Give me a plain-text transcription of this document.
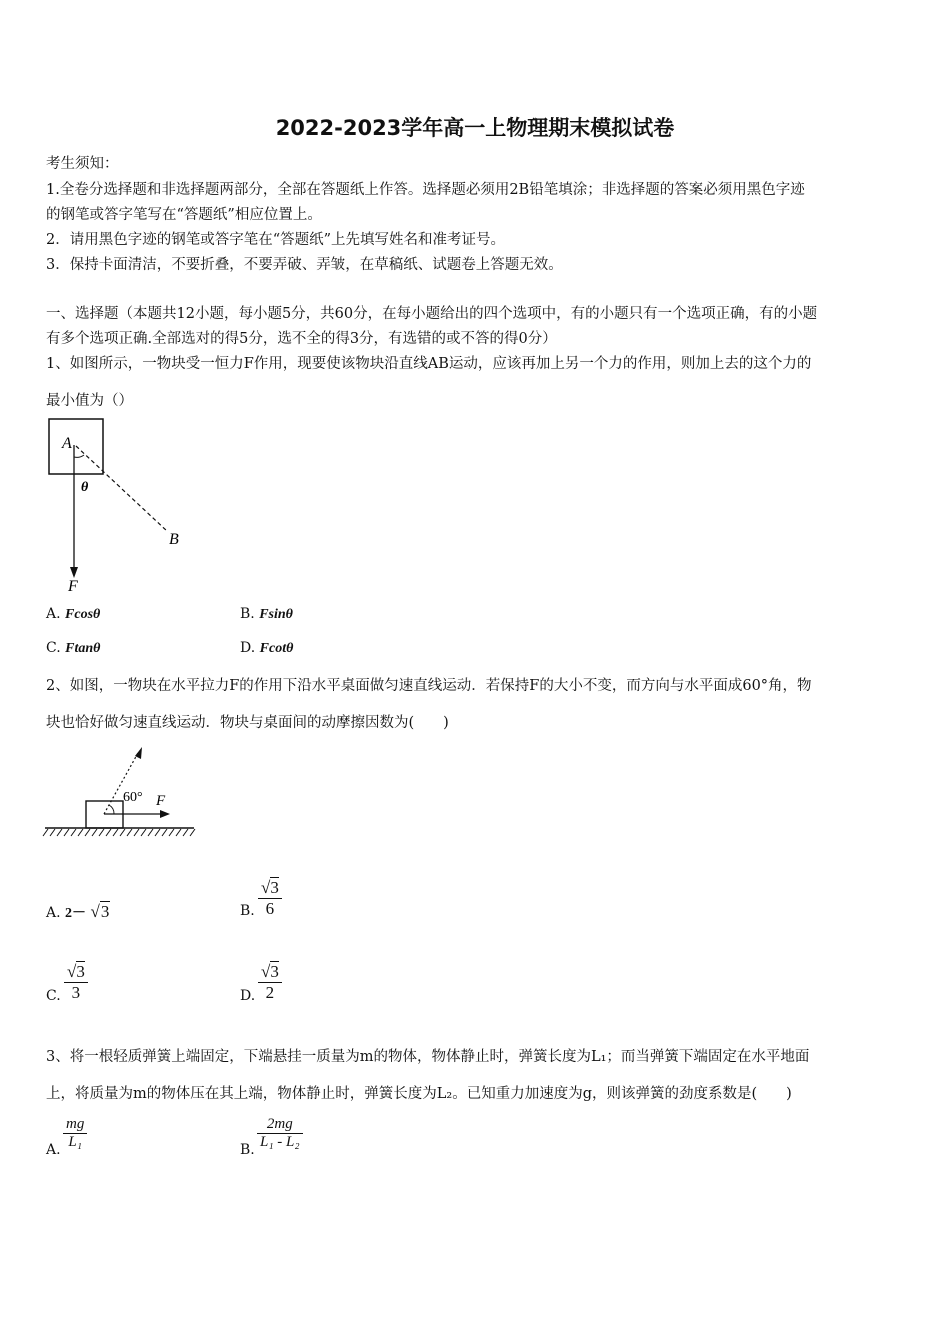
2022-2023学年高一上物理期末模拟试卷
考生须知：
1.全卷分选择题和非选择题两部分，全部在答题纸上作答。选择题必须用2B铅笔填涂；非选择题的答案必须用黑色字迹
的钢笔或答字笔写在“答题纸”相应位置上。
2．请用黑色字迹的钢笔或答字笔在“答题纸”上先填写姓名和准考证号。
3．保持卡面清洁，不要折叠，不要弄破、弄皱，在草稿纸、试题卷上答题无效。
一、选择题（本题共12小题，每小题5分，共60分，在每小题给出的四个选项中，有的小题只有一个选项正确，有的小题
有多个选项正确.全部选对的得5分，选不全的得3分，有选错的或不答的得0分）
1、如图所示，一物块受一恒力F作用，现要使该物块沿直线AB运动，应该再加上另一个力的作用，则加上去的这个力的
最小值为（）
A
θ
B
F
A. Fcosθ	B. Fsinθ
C. Ftanθ	D. Fcotθ
2、如图，一物块在水平拉力F的作用下沿水平桌面做匀速直线运动．若保持F的大小不变，而方向与水平面成60°角，物
块也恰好做匀速直线运动．物块与桌面间的动摩擦因数为(　　)
60° F
A. 2－ √3	B. $\frac{√3}{6}$
C. $\frac{√3}{3}$	D. $\frac{√3}{2}$
3、将一根轻质弹簧上端固定，下端悬挂一质量为m的物体，物体静止时，弹簧长度为L₁；而当弹簧下端固定在水平地面
上，将质量为m的物体压在其上端，物体静止时，弹簧长度为L₂。已知重力加速度为g，则该弹簧的劲度系数是(　　)
A. $\frac{mg}{\text{L₁}}$	B. $\frac{2mg}{\text{L₁ - L₂}}$
